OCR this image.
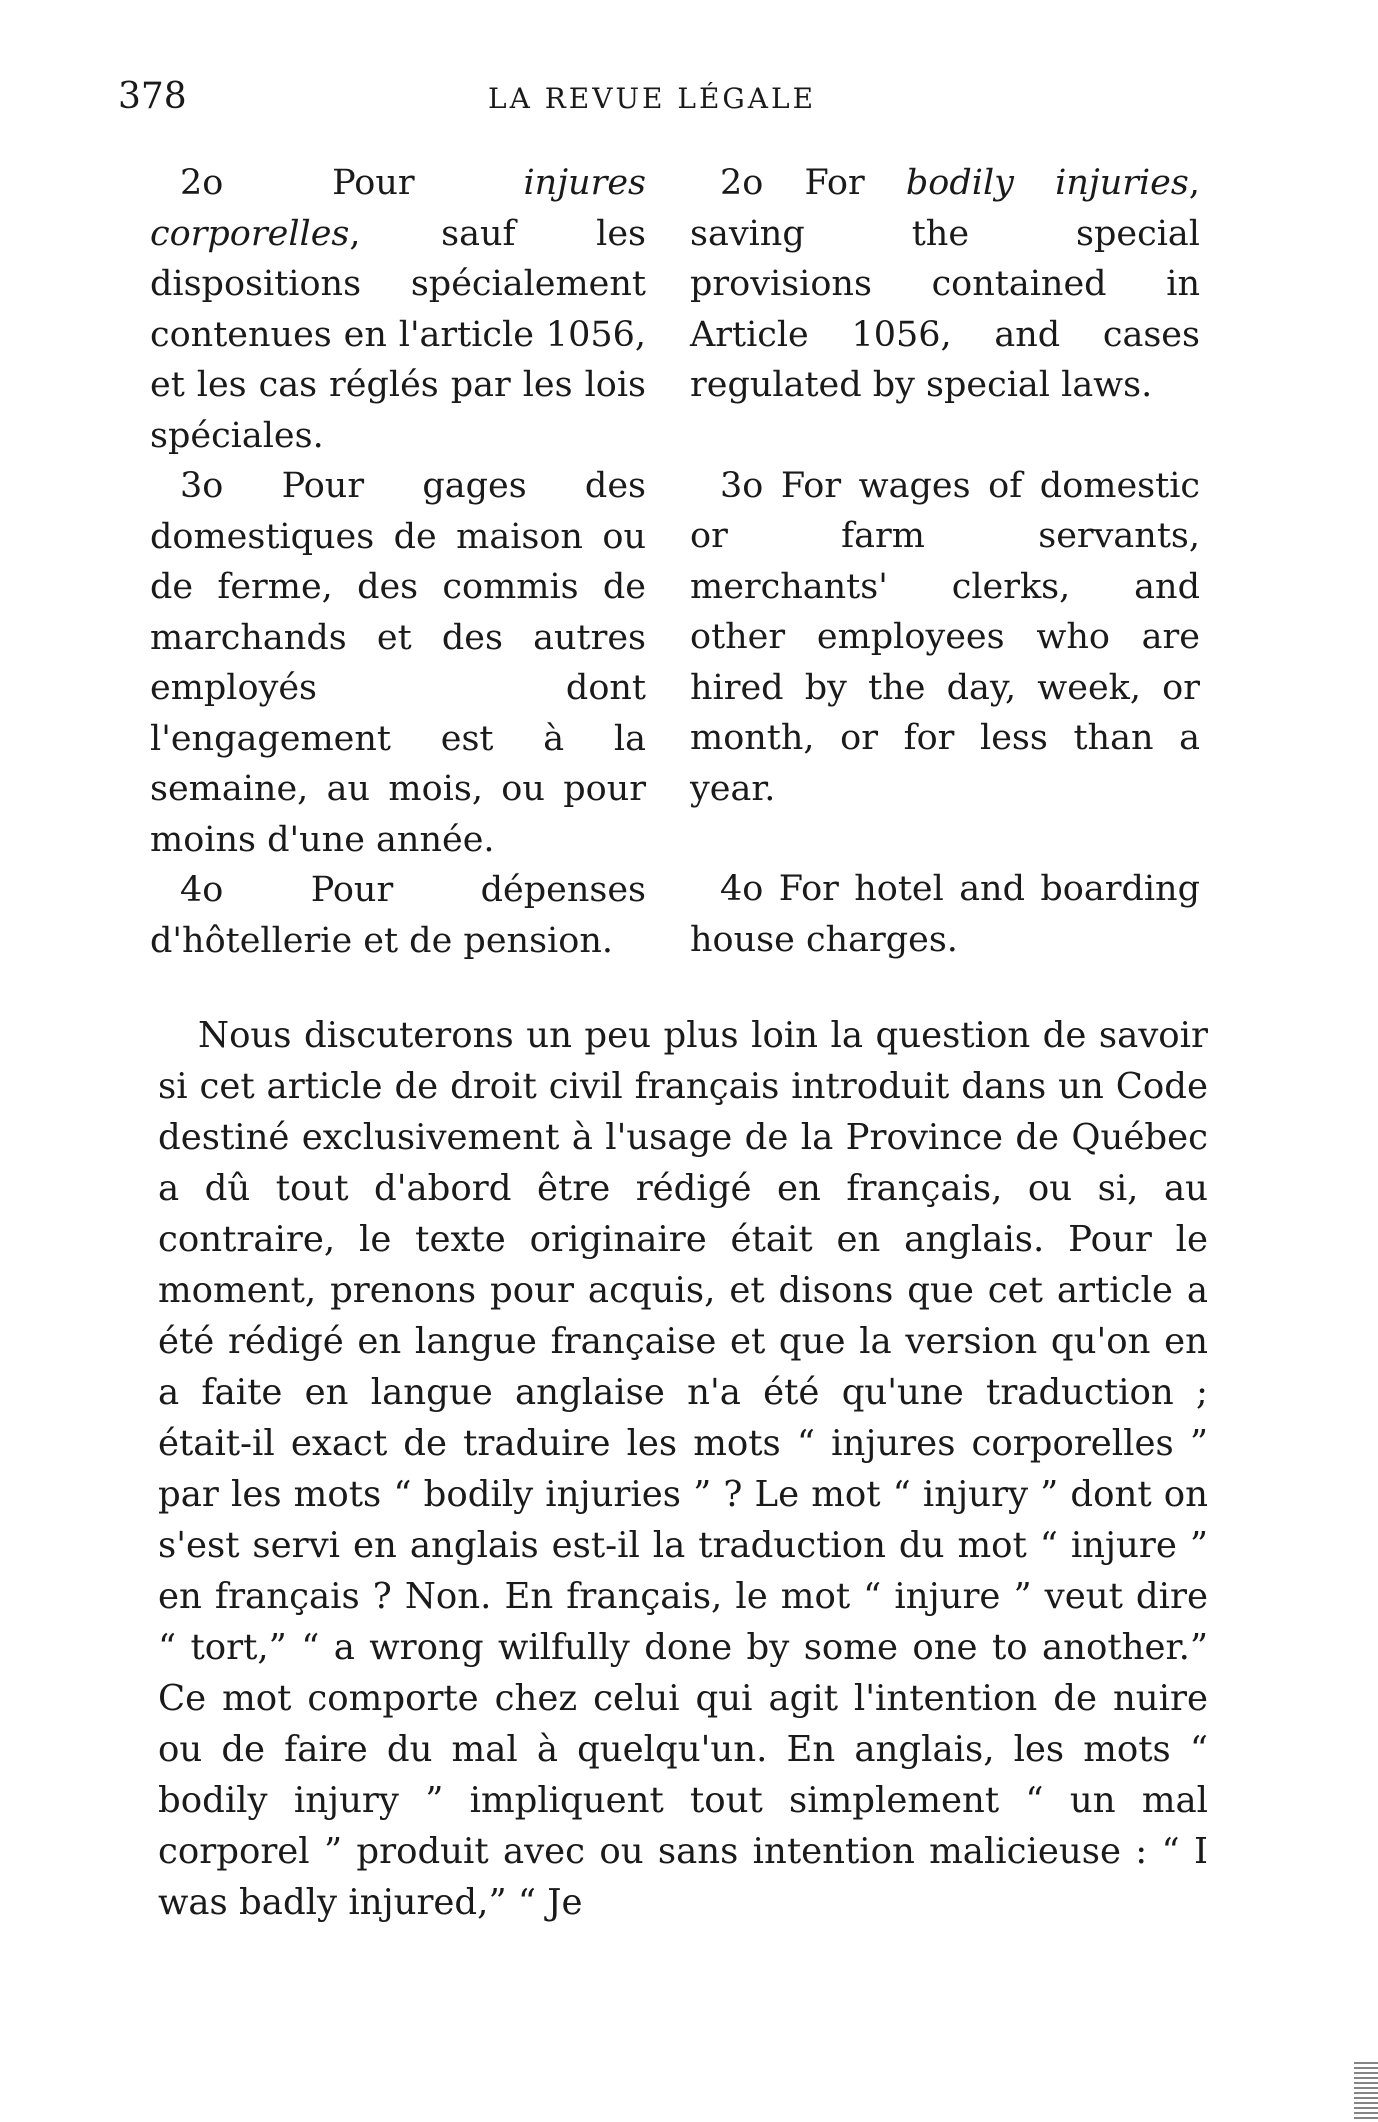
378	LA REVUE LÉGALE

2o Pour injures corporelles, sauf les dispositions spécialement contenues en l'article 1056, et les cas réglés par les lois spéciales.

3o Pour gages des domestiques de maison ou de ferme, des commis de marchands et des autres employés dont l'engagement est à la semaine, au mois, ou pour moins d'une année.

4o Pour dépenses d'hôtellerie et de pension.

2o For bodily injuries, saving the special provisions contained in Article 1056, and cases regulated by special laws.

3o For wages of domestic or farm servants, merchants' clerks, and other employees who are hired by the day, week, or month, or for less than a year.

4o For hotel and boarding house charges.

Nous discuterons un peu plus loin la question de savoir si cet article de droit civil français introduit dans un Code destiné exclusivement à l'usage de la Province de Québec a dû tout d'abord être rédigé en français, ou si, au contraire, le texte originaire était en anglais. Pour le moment, prenons pour acquis, et disons que cet article a été rédigé en langue française et que la version qu'on en a faite en langue anglaise n'a été qu'une traduction ; était-il exact de traduire les mots “ injures corporelles ” par les mots “ bodily injuries ” ? Le mot “ injury ” dont on s'est servi en anglais est-il la traduction du mot “ injure ” en français ? Non. En français, le mot “ injure ” veut dire “ tort,” “ a wrong wilfully done by some one to another.” Ce mot comporte chez celui qui agit l'intention de nuire ou de faire du mal à quelqu'un. En anglais, les mots “ bodily injury ” impliquent tout simplement “ un mal corporel ” produit avec ou sans intention malicieuse : “ I was badly injured,” “ Je
